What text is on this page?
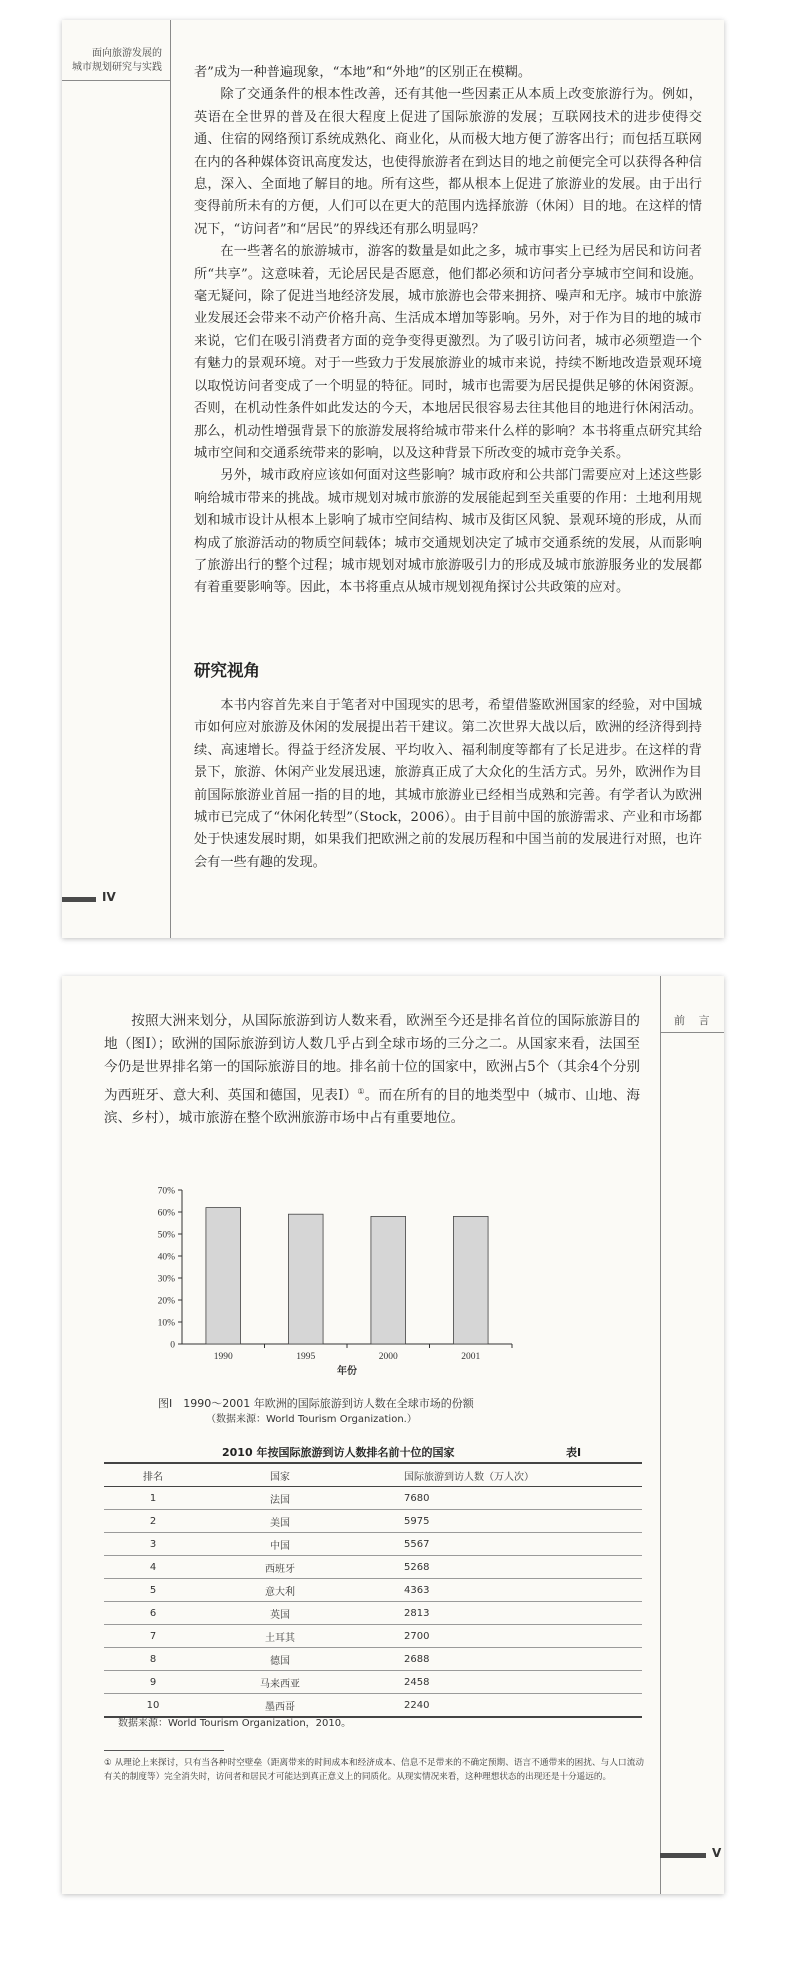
面向旅游发展的
城市规划研究与实践
IV

者”成为一种普遍现象，“本地”和“外地”的区别正在模糊。

除了交通条件的根本性改善，还有其他一些因素正从本质上改变旅游行为。例如，英语在全世界的普及在很大程度上促进了国际旅游的发展；互联网技术的进步使得交通、住宿的网络预订系统成熟化、商业化，从而极大地方便了游客出行；而包括互联网在内的各种媒体资讯高度发达，也使得旅游者在到达目的地之前便完全可以获得各种信息，深入、全面地了解目的地。所有这些，都从根本上促进了旅游业的发展。由于出行变得前所未有的方便，人们可以在更大的范围内选择旅游（休闲）目的地。在这样的情况下，“访问者”和“居民”的界线还有那么明显吗？

在一些著名的旅游城市，游客的数量是如此之多，城市事实上已经为居民和访问者所“共享”。这意味着，无论居民是否愿意，他们都必须和访问者分享城市空间和设施。毫无疑问，除了促进当地经济发展，城市旅游也会带来拥挤、噪声和无序。城市中旅游业发展还会带来不动产价格升高、生活成本增加等影响。另外，对于作为目的地的城市来说，它们在吸引消费者方面的竞争变得更激烈。为了吸引访问者，城市必须塑造一个有魅力的景观环境。对于一些致力于发展旅游业的城市来说，持续不断地改造景观环境以取悦访问者变成了一个明显的特征。同时，城市也需要为居民提供足够的休闲资源。否则，在机动性条件如此发达的今天，本地居民很容易去往其他目的地进行休闲活动。那么，机动性增强背景下的旅游发展将给城市带来什么样的影响？本书将重点研究其给城市空间和交通系统带来的影响，以及这种背景下所改变的城市竞争关系。

另外，城市政府应该如何面对这些影响？城市政府和公共部门需要应对上述这些影响给城市带来的挑战。城市规划对城市旅游的发展能起到至关重要的作用：土地利用规划和城市设计从根本上影响了城市空间结构、城市及街区风貌、景观环境的形成，从而构成了旅游活动的物质空间载体；城市交通规划决定了城市交通系统的发展，从而影响了旅游出行的整个过程；城市规划对城市旅游吸引力的形成及城市旅游服务业的发展都有着重要影响等。因此，本书将重点从城市规划视角探讨公共政策的应对。

研究视角

本书内容首先来自于笔者对中国现实的思考，希望借鉴欧洲国家的经验，对中国城市如何应对旅游及休闲的发展提出若干建议。第二次世界大战以后，欧洲的经济得到持续、高速增长。得益于经济发展、平均收入、福利制度等都有了长足进步。在这样的背景下，旅游、休闲产业发展迅速，旅游真正成了大众化的生活方式。另外，欧洲作为目前国际旅游业首屈一指的目的地，其城市旅游业已经相当成熟和完善。有学者认为欧洲城市已完成了“休闲化转型”（Stock，2006）。由于目前中国的旅游需求、产业和市场都处于快速发展时期，如果我们把欧洲之前的发展历程和中国当前的发展进行对照，也许会有一些有趣的发现。

前 言
V

按照大洲来划分，从国际旅游到访人数来看，欧洲至今还是排名首位的国际旅游目的地（图Ⅰ）；欧洲的国际旅游到访人数几乎占到全球市场的三分之二。从国家来看，法国至今仍是世界排名第一的国际旅游目的地。排名前十位的国家中，欧洲占5个（其余4个分别为西班牙、意大利、英国和德国，见表Ⅰ）①。而在所有的目的地类型中（城市、山地、海滨、乡村），城市旅游在整个欧洲旅游市场中占有重要地位。

0
10%
20%
30%
40%
50%
60%
70%
1990	1995	2000	2001
年份
图Ⅰ　1990～2001 年欧洲的国际旅游到访人数在全球市场的份额
（数据来源：World Tourism Organization.）
2010 年按国际旅游到访人数排名前十位的国家	表Ⅰ
排名	国家	国际旅游到访人数（万人次）
1	法国	7680
2	美国	5975
3	中国	5567
4	西班牙	5268
5	意大利	4363
6	英国	2813
7	土耳其	2700
8	德国	2688
9	马来西亚	2458
10	墨西哥	2240
数据来源：World Tourism Organization，2010。
① 从理论上来探讨，只有当各种时空壁垒（距离带来的时间成本和经济成本、信息不足带来的不确定预期、语言不通带来的困扰、与人口流动有关的制度等）完全消失时，访问者和居民才可能达到真正意义上的同质化。从现实情况来看，这种理想状态的出现还是十分遥远的。
